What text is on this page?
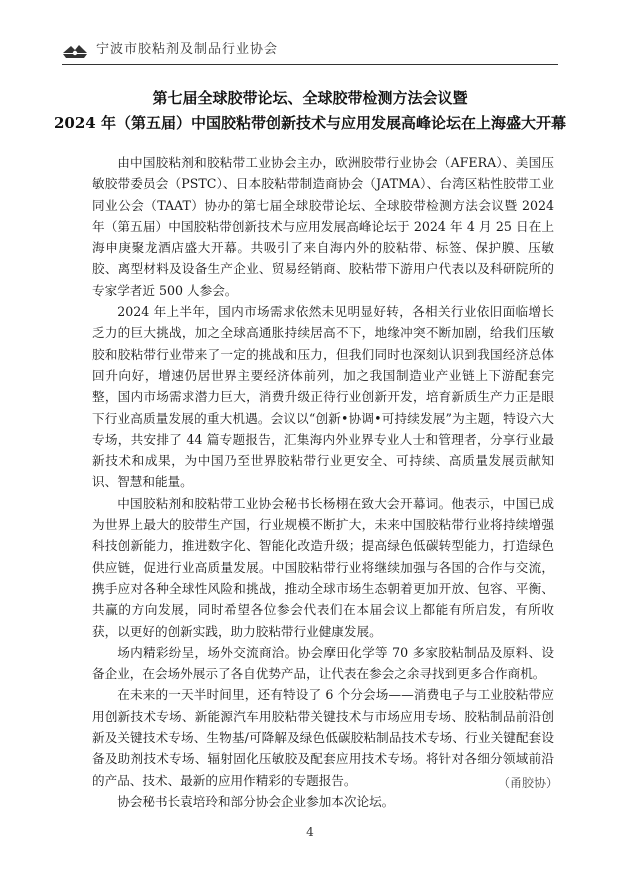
宁波市胶粘剂及制品行业协会
第七届全球胶带论坛、全球胶带检测方法会议暨
2024 年（第五届）中国胶粘带创新技术与应用发展高峰论坛在上海盛大开幕

由中国胶粘剂和胶粘带工业协会主办，欧洲胶带行业协会（AFERA）、美国压敏胶带委员会（PSTC）、日本胶粘带制造商协会（JATMA）、台湾区粘性胶带工业同业公会（TAAT）协办的第七届全球胶带论坛、全球胶带检测方法会议暨 2024 年（第五届）中国胶粘带创新技术与应用发展高峰论坛于 2024 年 4 月 25 日在上海申庚聚龙酒店盛大开幕。共吸引了来自海内外的胶粘带、标签、保护膜、压敏胶、离型材料及设备生产企业、贸易经销商、胶粘带下游用户代表以及科研院所的专家学者近 500 人参会。

2024 年上半年，国内市场需求依然未见明显好转，各相关行业依旧面临增长乏力的巨大挑战，加之全球高通胀持续居高不下，地缘冲突不断加剧，给我们压敏胶和胶粘带行业带来了一定的挑战和压力，但我们同时也深刻认识到我国经济总体回升向好，增速仍居世界主要经济体前列，加之我国制造业产业链上下游配套完整，国内市场需求潜力巨大，消费升级正待行业创新开发，培育新质生产力正是眼下行业高质量发展的重大机遇。会议以“创新•协调•可持续发展”为主题，特设六大专场，共安排了 44 篇专题报告，汇集海内外业界专业人士和管理者，分享行业最新技术和成果，为中国乃至世界胶粘带行业更安全、可持续、高质量发展贡献知识、智慧和能量。

中国胶粘剂和胶粘带工业协会秘书长杨栩在致大会开幕词。他表示，中国已成为世界上最大的胶带生产国，行业规模不断扩大，未来中国胶粘带行业将持续增强科技创新能力，推进数字化、智能化改造升级；提高绿色低碳转型能力，打造绿色供应链，促进行业高质量发展。中国胶粘带行业将继续加强与各国的合作与交流，携手应对各种全球性风险和挑战，推动全球市场生态朝着更加开放、包容、平衡、共赢的方向发展，同时希望各位参会代表们在本届会议上都能有所启发，有所收获，以更好的创新实践，助力胶粘带行业健康发展。

场内精彩纷呈，场外交流商洽。协会摩田化学等 70 多家胶粘制品及原料、设备企业，在会场外展示了各自优势产品，让代表在参会之余寻找到更多合作商机。

在未来的一天半时间里，还有特设了 6 个分会场——消费电子与工业胶粘带应用创新技术专场、新能源汽车用胶粘带关键技术与市场应用专场、胶粘制品前沿创新及关键技术专场、生物基/可降解及绿色低碳胶粘制品技术专场、行业关键配套设备及助剂技术专场、辐射固化压敏胶及配套应用技术专场。将针对各细分领域前沿的产品、技术、最新的应用作精彩的专题报告。

协会秘书长袁培玲和部分协会企业参加本次论坛。

（甬胶协）
4
